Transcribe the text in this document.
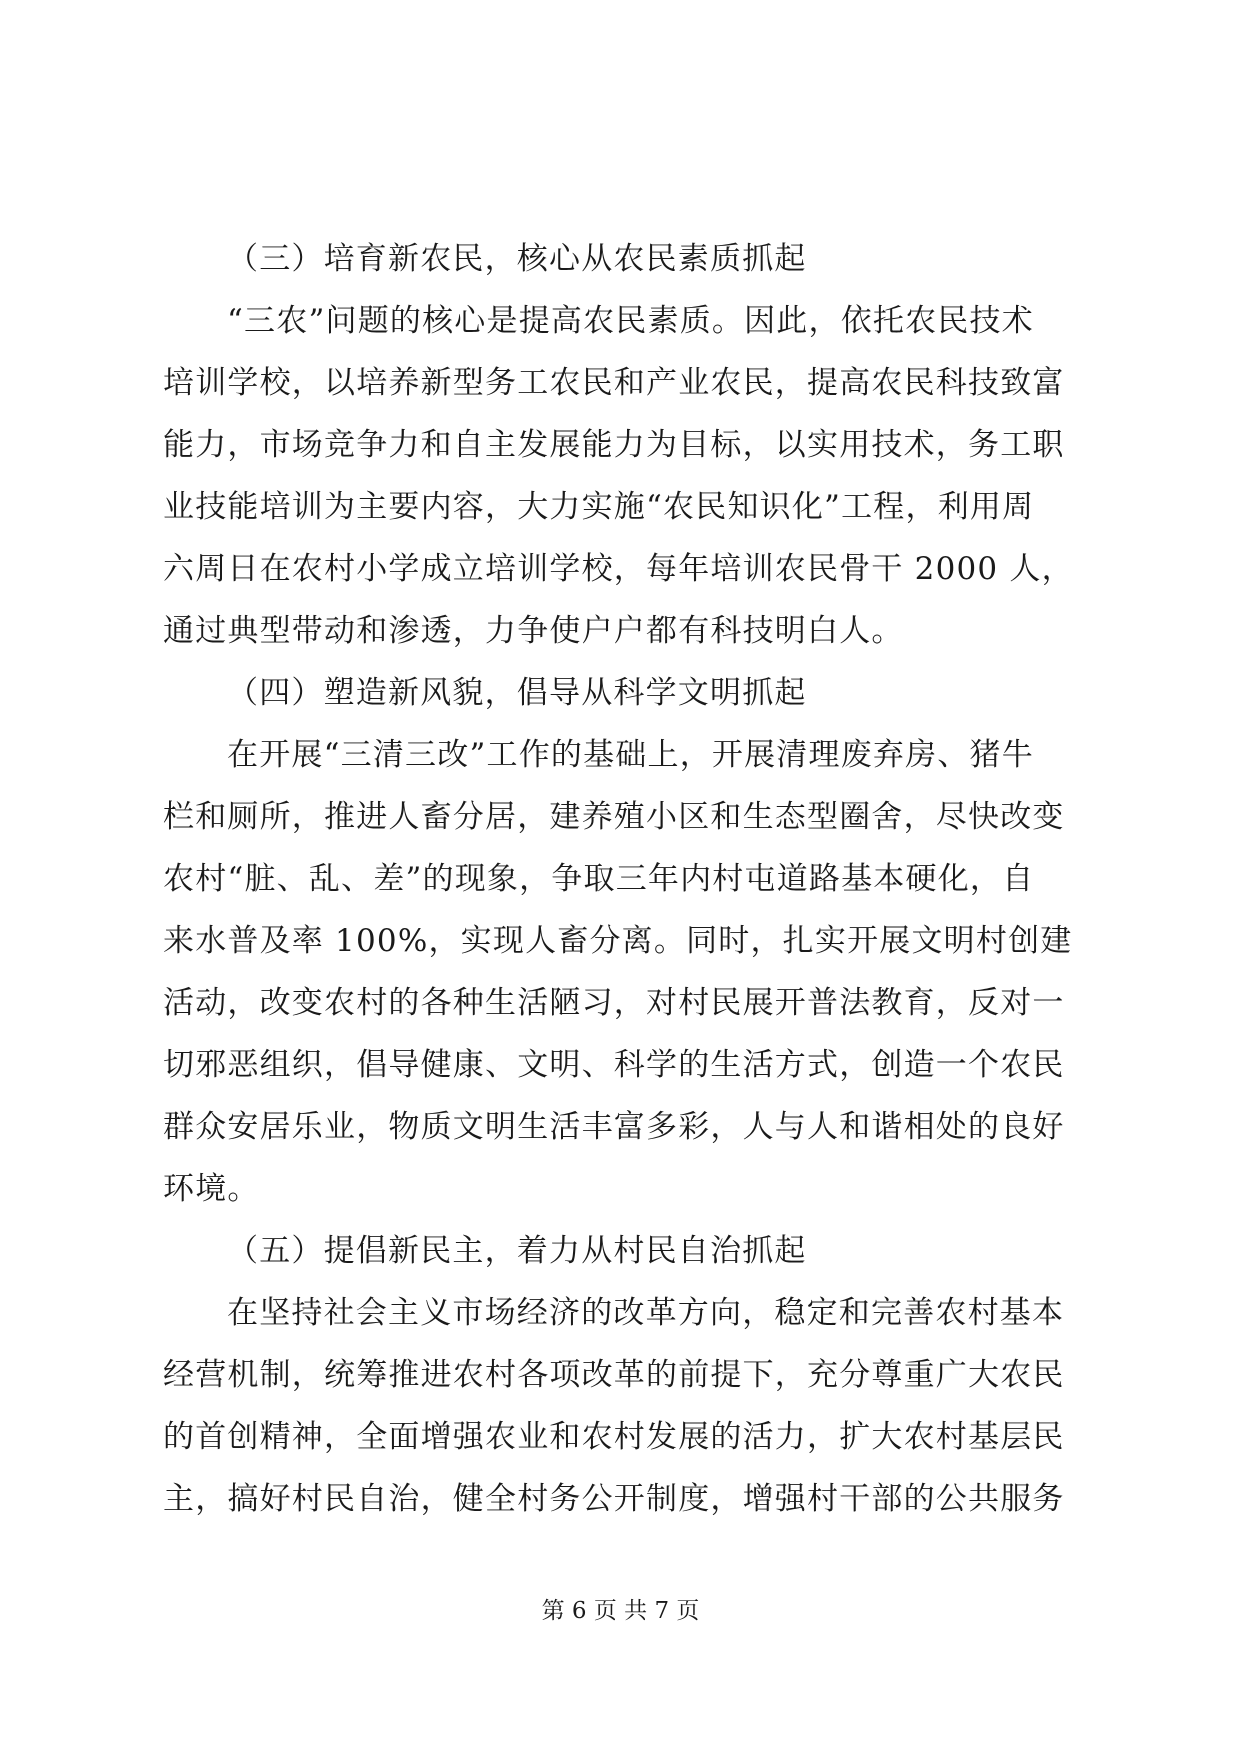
（三）培育新农民，核心从农民素质抓起
“三农”问题的核心是提高农民素质。因此，依托农民技术
培训学校，以培养新型务工农民和产业农民，提高农民科技致富
能力，市场竞争力和自主发展能力为目标，以实用技术，务工职
业技能培训为主要内容，大力实施“农民知识化”工程，利用周
六周日在农村小学成立培训学校，每年培训农民骨干 2000 人，
通过典型带动和渗透，力争使户户都有科技明白人。
（四）塑造新风貌，倡导从科学文明抓起
在开展“三清三改”工作的基础上，开展清理废弃房、猪牛
栏和厕所，推进人畜分居，建养殖小区和生态型圈舍，尽快改变
农村“脏、乱、差”的现象，争取三年内村屯道路基本硬化，自
来水普及率 100%，实现人畜分离。同时，扎实开展文明村创建
活动，改变农村的各种生活陋习，对村民展开普法教育，反对一
切邪恶组织，倡导健康、文明、科学的生活方式，创造一个农民
群众安居乐业，物质文明生活丰富多彩，人与人和谐相处的良好
环境。
（五）提倡新民主，着力从村民自治抓起
在坚持社会主义市场经济的改革方向，稳定和完善农村基本
经营机制，统筹推进农村各项改革的前提下，充分尊重广大农民
的首创精神，全面增强农业和农村发展的活力，扩大农村基层民
主，搞好村民自治，健全村务公开制度，增强村干部的公共服务
第 6 页 共 7 页
